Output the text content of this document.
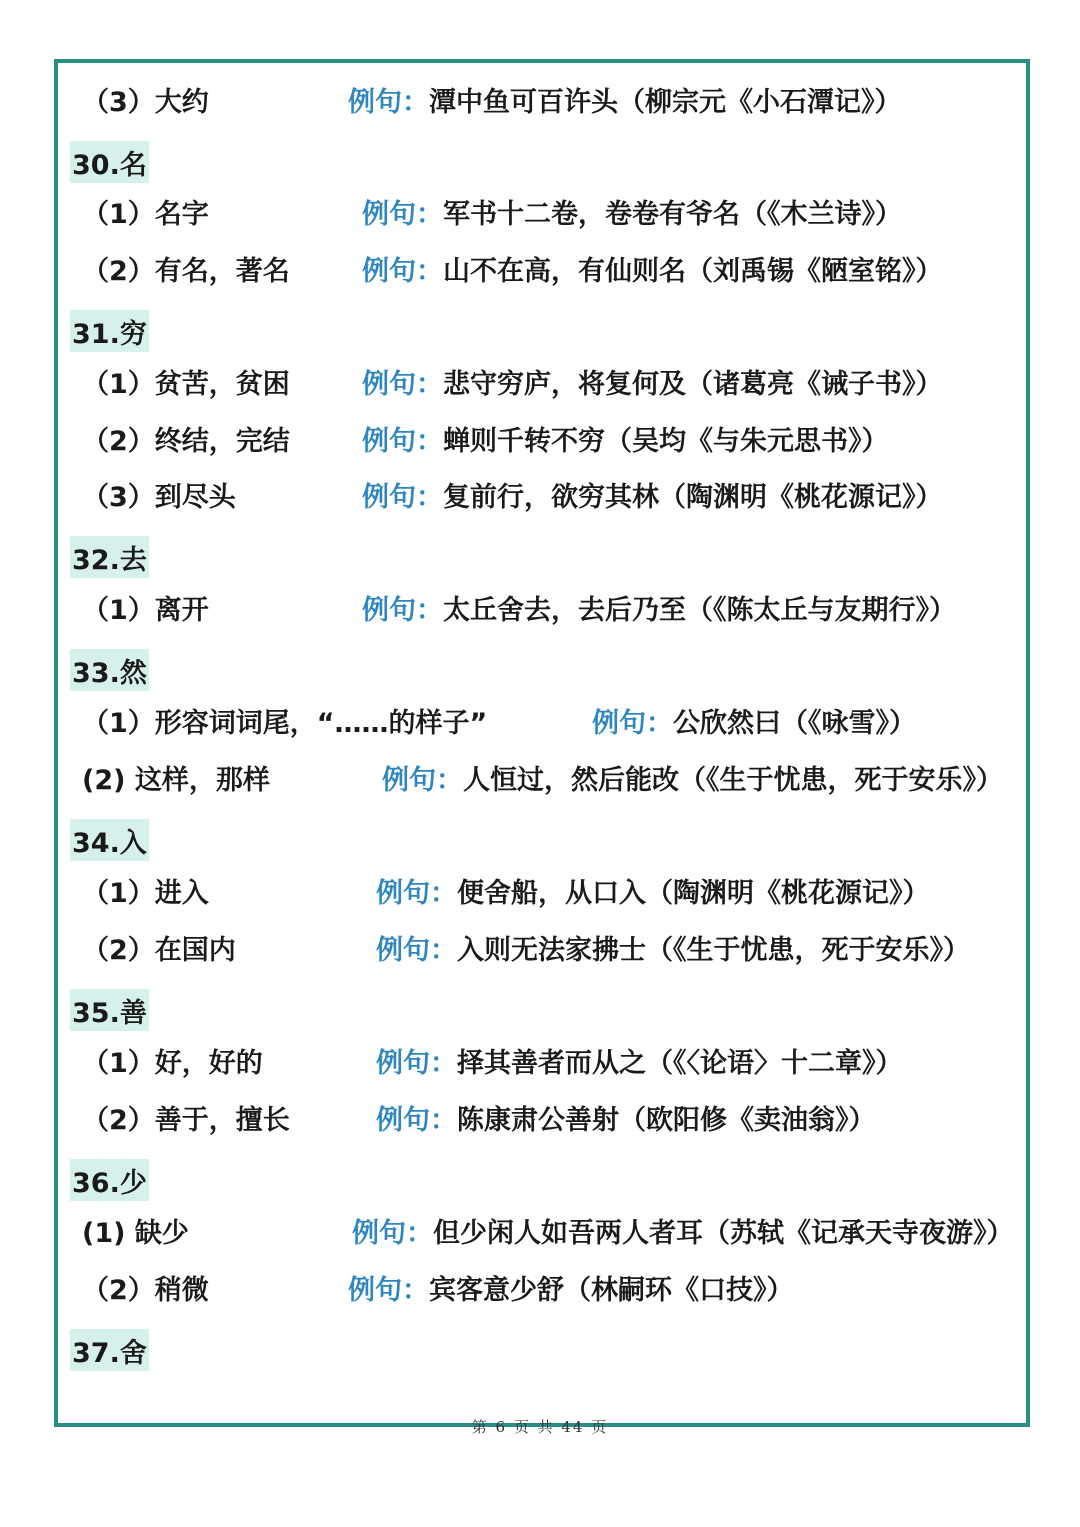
（3）大约	例句：潭中鱼可百许头（柳宗元《小石潭记》）
30.名
（1）名字	例句：军书十二卷，卷卷有爷名（《木兰诗》）
（2）有名，著名	例句：山不在高，有仙则名（刘禹锡《陋室铭》）
31.穷
（1）贫苦，贫困	例句：悲守穷庐，将复何及（诸葛亮《诫子书》）
（2）终结，完结	例句：蝉则千转不穷（吴均《与朱元思书》）
（3）到尽头	例句：复前行，欲穷其林（陶渊明《桃花源记》）
32.去
（1）离开	例句：太丘舍去，去后乃至（《陈太丘与友期行》）
33.然
（1）形容词词尾，“……的样子”	例句：公欣然曰（《咏雪》）
(2) 这样，那样	例句：人恒过，然后能改（《生于忧患，死于安乐》）
34.入
（1）进入	例句：便舍船，从口入（陶渊明《桃花源记》）
（2）在国内	例句：入则无法家拂士（《生于忧患，死于安乐》）
35.善
（1）好，好的	例句：择其善者而从之（《〈论语〉十二章》）
（2）善于，擅长	例句：陈康肃公善射（欧阳修《卖油翁》）
36.少
(1) 缺少	例句：但少闲人如吾两人者耳（苏轼《记承天寺夜游》）
（2）稍微	例句：宾客意少舒（林嗣环《口技》）
37.舍
第 6 页 共 44 页
